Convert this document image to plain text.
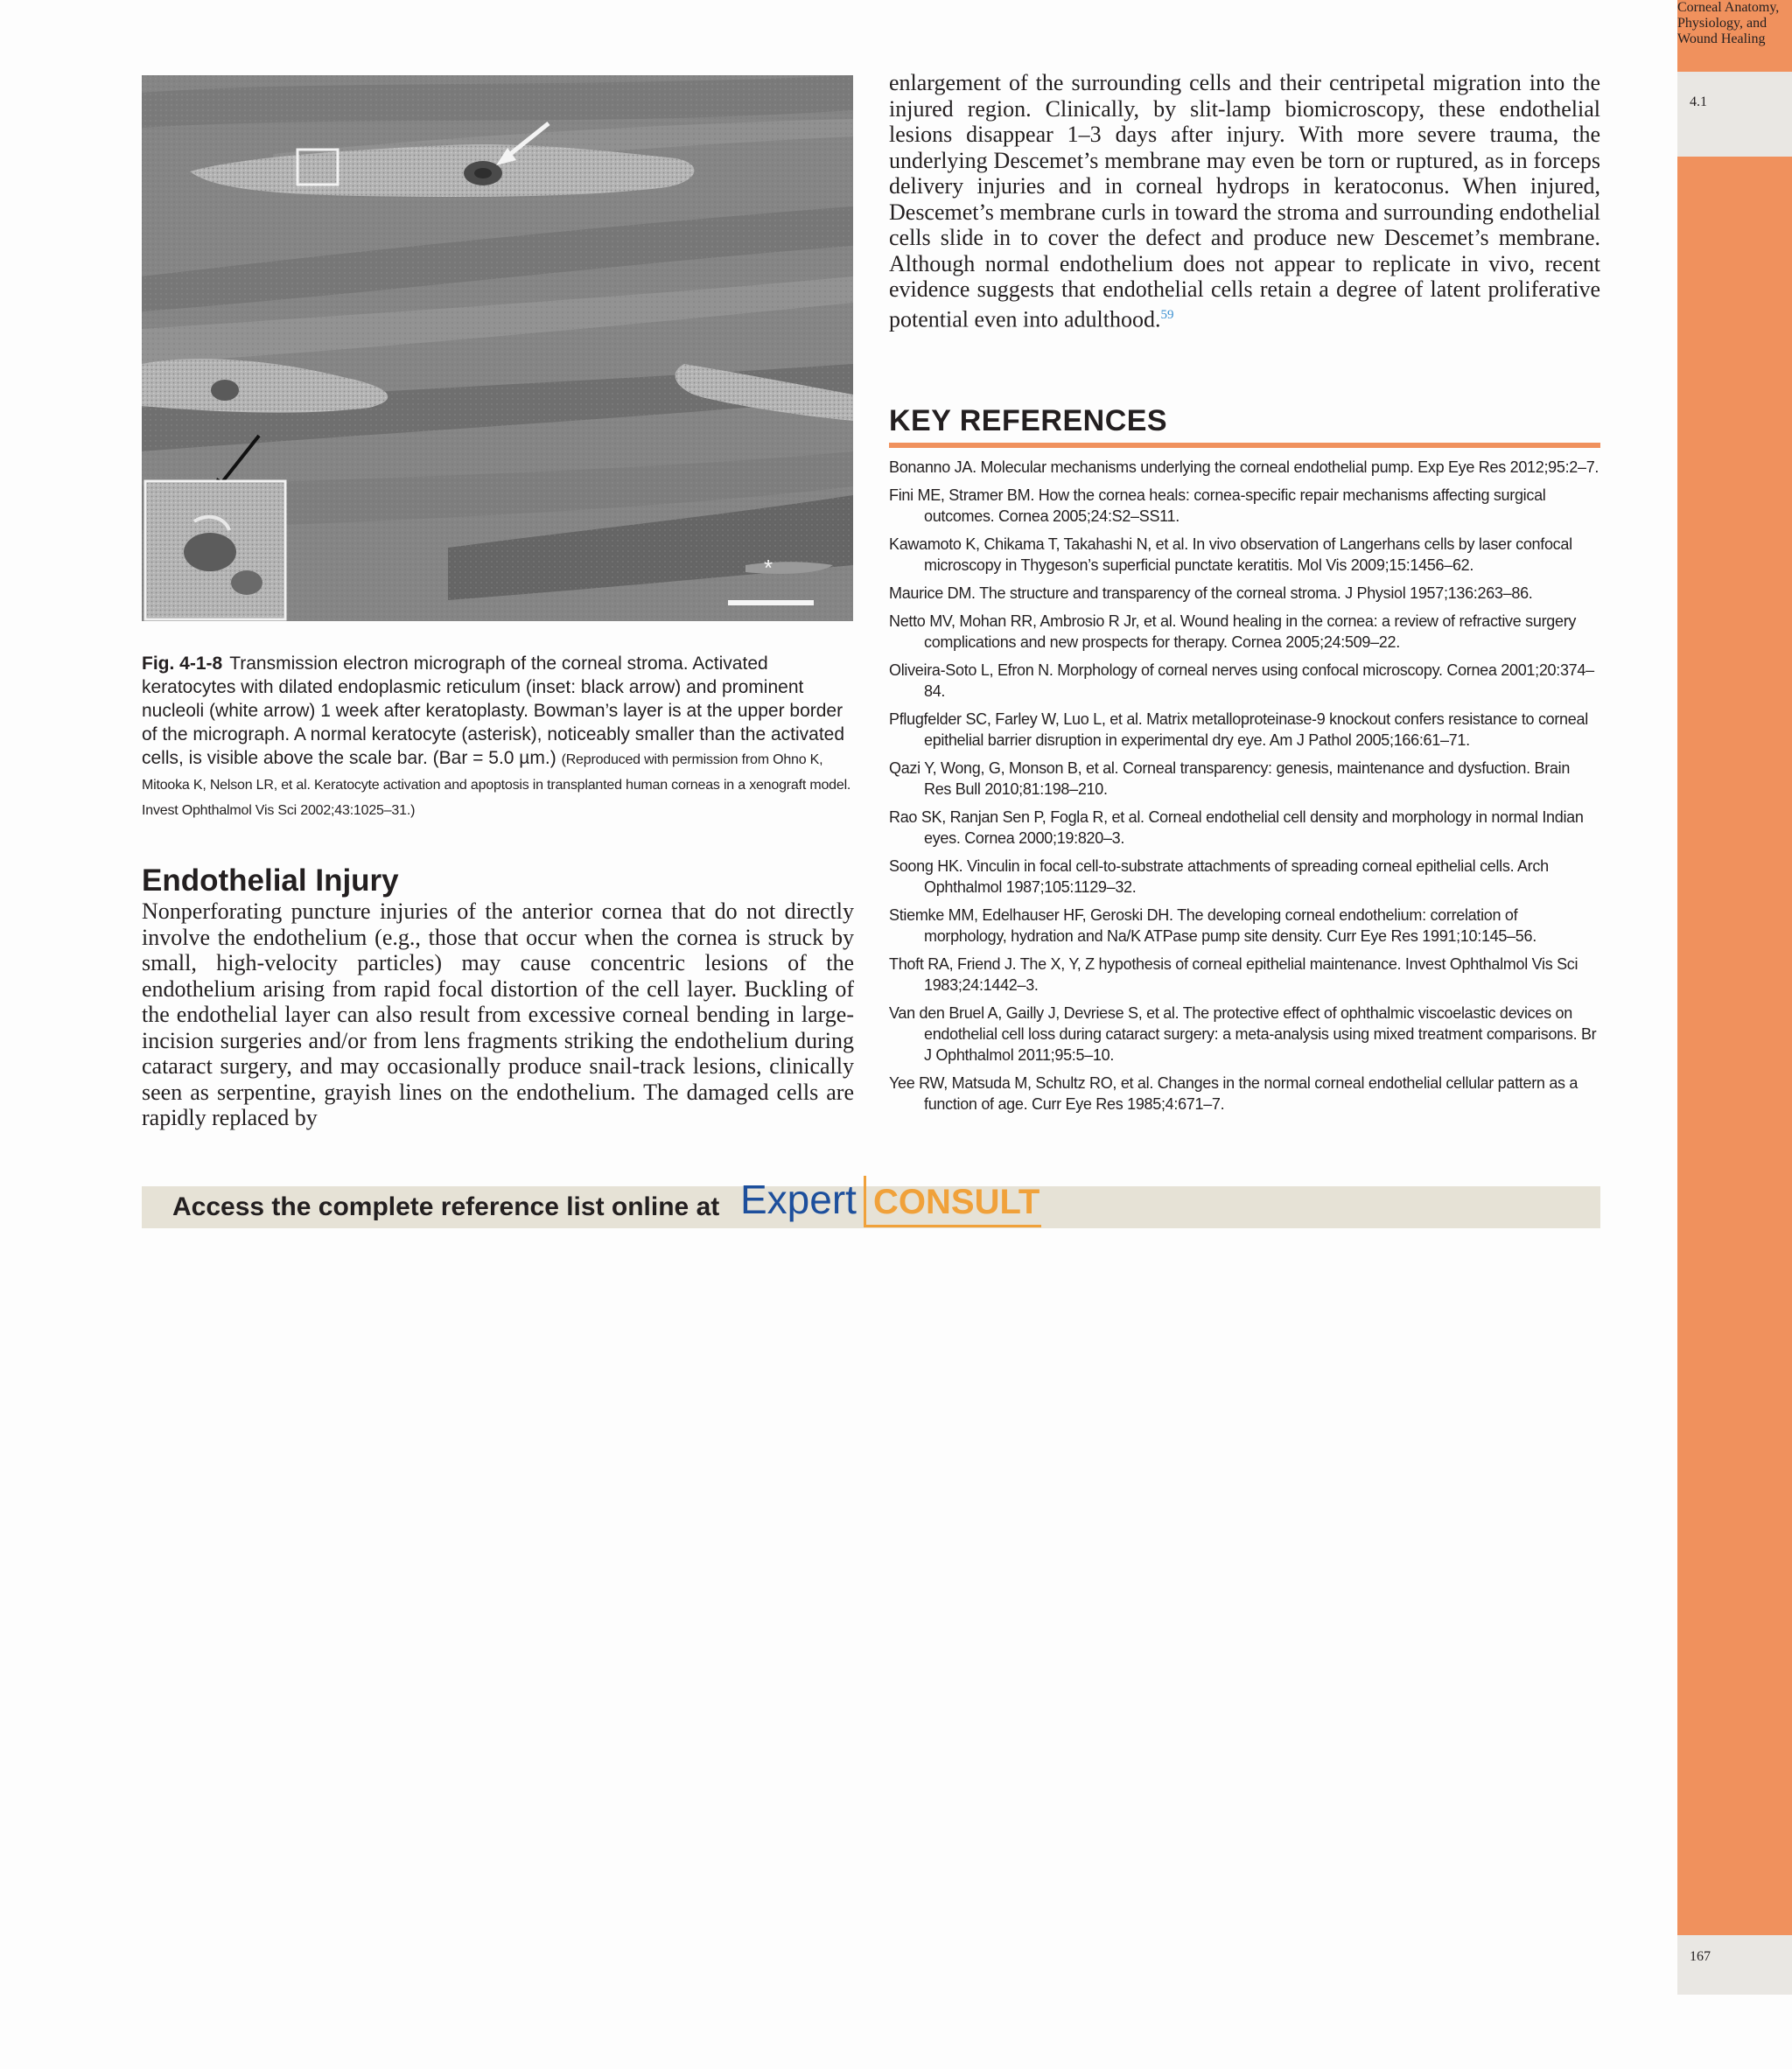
4.1
Corneal Anatomy, Physiology, and Wound Healing
167
*

Fig. 4-1-8 Transmission electron micrograph of the corneal stroma. Activated keratocytes with dilated endoplasmic reticulum (inset: black arrow) and prominent nucleoli (white arrow) 1 week after keratoplasty. Bowman’s layer is at the upper border of the micrograph. A normal keratocyte (asterisk), noticeably smaller than the activated cells, is visible above the scale bar. (Bar = 5.0 µm.) (Reproduced with permission from Ohno K, Mitooka K, Nelson LR, et al. Keratocyte activation and apoptosis in transplanted human corneas in a xenograft model. Invest Ophthalmol Vis Sci 2002;43:1025–31.)

Endothelial Injury

Nonperforating puncture injuries of the anterior cornea that do not directly involve the endothelium (e.g., those that occur when the cornea is struck by small, high-velocity particles) may cause concentric lesions of the endothelium arising from rapid focal distortion of the cell layer. Buckling of the endothelial layer can also result from excessive corneal bending in large-incision surgeries and/or from lens fragments striking the endothelium during cataract surgery, and may occasionally produce snail-track lesions, clinically seen as serpentine, grayish lines on the endothelium. The damaged cells are rapidly replaced by

enlargement of the surrounding cells and their centripetal migration into the injured region. Clinically, by slit-lamp biomicroscopy, these endothelial lesions disappear 1–3 days after injury. With more severe trauma, the underlying Descemet’s membrane may even be torn or ruptured, as in forceps delivery injuries and in corneal hydrops in keratoconus. When injured, Descemet’s membrane curls in toward the stroma and surrounding endothelial cells slide in to cover the defect and produce new Descemet’s membrane. Although normal endothelium does not appear to replicate in vivo, recent evidence suggests that endothelial cells retain a degree of latent proliferative potential even into adulthood.$^{59}$

KEY REFERENCES
Bonanno JA. Molecular mechanisms underlying the corneal endothelial pump. Exp Eye Res 2012;95:2–7.
Fini ME, Stramer BM. How the cornea heals: cornea-specific repair mechanisms affecting surgical outcomes. Cornea 2005;24:S2–SS11.
Kawamoto K, Chikama T, Takahashi N, et al. In vivo observation of Langerhans cells by laser confocal microscopy in Thygeson’s superficial punctate keratitis. Mol Vis 2009;15:1456–62.
Maurice DM. The structure and transparency of the corneal stroma. J Physiol 1957;136:263–86.
Netto MV, Mohan RR, Ambrosio R Jr, et al. Wound healing in the cornea: a review of refractive surgery complications and new prospects for therapy. Cornea 2005;24:509–22.
Oliveira-Soto L, Efron N. Morphology of corneal nerves using confocal microscopy. Cornea 2001;20:374–84.
Pflugfelder SC, Farley W, Luo L, et al. Matrix metalloproteinase-9 knockout confers resistance to corneal epithelial barrier disruption in experimental dry eye. Am J Pathol 2005;166:61–71.
Qazi Y, Wong, G, Monson B, et al. Corneal transparency: genesis, maintenance and dysfuction. Brain Res Bull 2010;81:198–210.
Rao SK, Ranjan Sen P, Fogla R, et al. Corneal endothelial cell density and morphology in normal Indian eyes. Cornea 2000;19:820–3.
Soong HK. Vinculin in focal cell-to-substrate attachments of spreading corneal epithelial cells. Arch Ophthalmol 1987;105:1129–32.
Stiemke MM, Edelhauser HF, Geroski DH. The developing corneal endothelium: correlation of morphology, hydration and Na/K ATPase pump site density. Curr Eye Res 1991;10:145–56.
Thoft RA, Friend J. The X, Y, Z hypothesis of corneal epithelial maintenance. Invest Ophthalmol Vis Sci 1983;24:1442–3.
Van den Bruel A, Gailly J, Devriese S, et al. The protective effect of ophthalmic viscoelastic devices on endothelial cell loss during cataract surgery: a meta-analysis using mixed treatment comparisons. Br J Ophthalmol 2011;95:5–10.
Yee RW, Matsuda M, Schultz RO, et al. Changes in the normal corneal endothelial cellular pattern as a function of age. Curr Eye Res 1985;4:671–7.
Access the complete reference list online at Expert CONSULT
